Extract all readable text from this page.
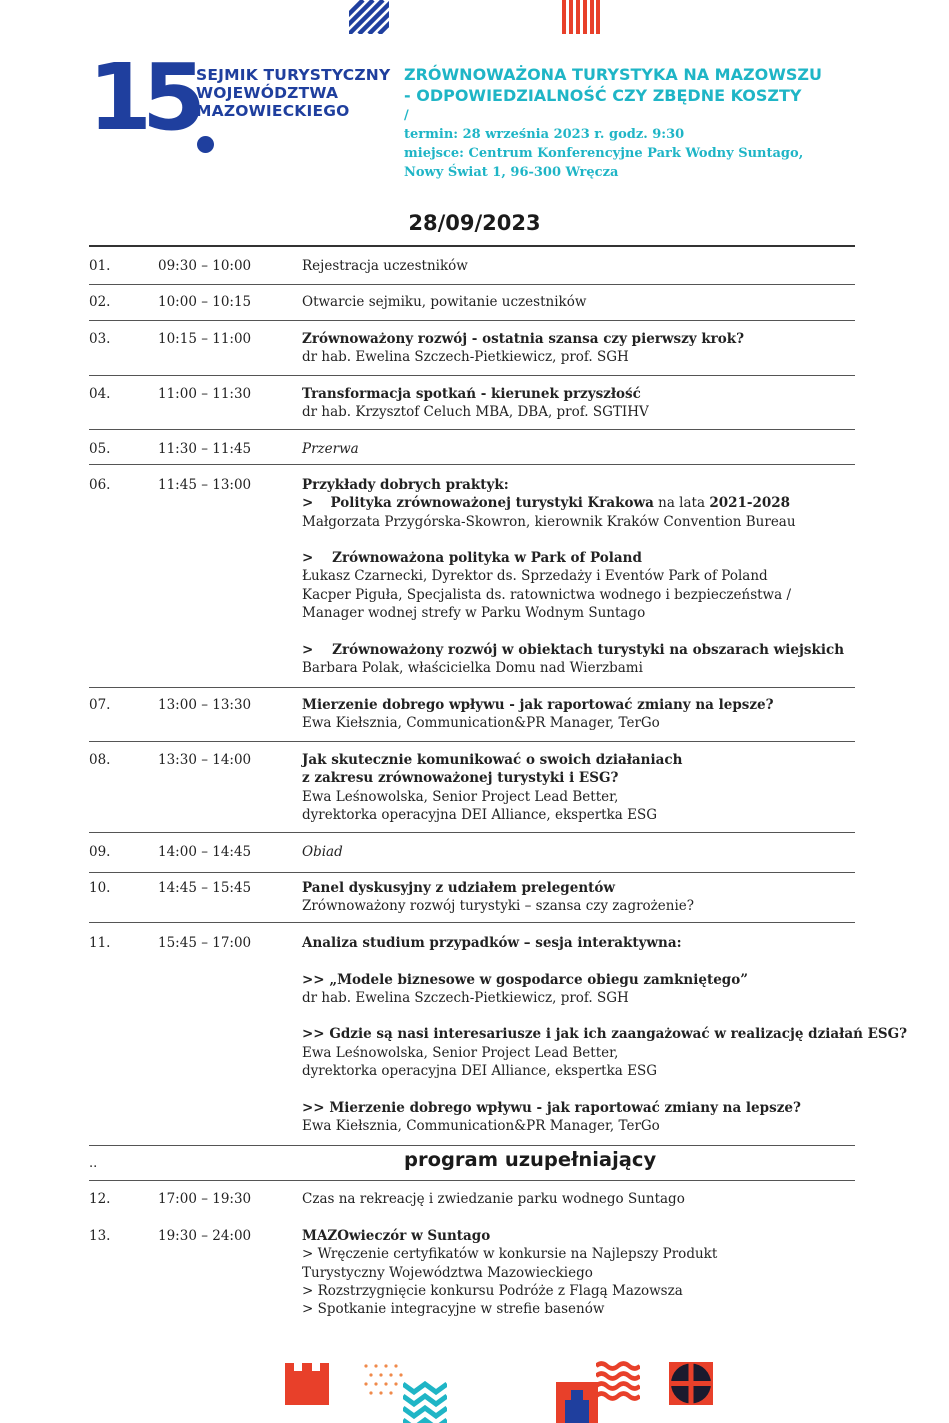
15 SEJMIK TURYSTYCZNY
WOJEWÓDZTWA
MAZOWIECKIEGO
ZRÓWNOWAŻONA TURYSTYKA NA MAZOWSZU
- ODPOWIEDZIALNOŚĆ CZY ZBĘDNE KOSZTY
/
termin: 28 września 2023 r. godz. 9:30
miejsce: Centrum Konferencyjne Park Wodny Suntago,
Nowy Świat 1, 96-300 Wręcza
28/09/2023
01.	09:30 – 10:00	Rejestracja uczestników
02.	10:00 – 10:15	Otwarcie sejmiku, powitanie uczestników
03.	10:15 – 11:00	Zrównoważony rozwój - ostatnia szansa czy pierwszy krok?
dr hab. Ewelina Szczech-Pietkiewicz, prof. SGH
04.	11:00 – 11:30	Transformacja spotkań - kierunek przyszłość
dr hab. Krzysztof Celuch MBA, DBA, prof. SGTIHV
05.	11:30 – 11:45	Przerwa
06.	11:45 – 13:00	Przykłady dobrych praktyk:
> Polityka zrównoważonej turystyki Krakowa na lata 2021-2028
Małgorzata Przygórska-Skowron, kierownik Kraków Convention Bureau
> Zrównoważona polityka w Park of Poland
Łukasz Czarnecki, Dyrektor ds. Sprzedaży i Eventów Park of Poland
Kacper Piguła, Specjalista ds. ratownictwa wodnego i bezpieczeństwa /
Manager wodnej strefy w Parku Wodnym Suntago
> Zrównoważony rozwój w obiektach turystyki na obszarach wiejskich
Barbara Polak, właścicielka Domu nad Wierzbami
07.	13:00 – 13:30	Mierzenie dobrego wpływu - jak raportować zmiany na lepsze?
Ewa Kiełsznia, Communication&PR Manager, TerGo
08.	13:30 – 14:00	Jak skutecznie komunikować o swoich działaniach
z zakresu zrównoważonej turystyki i ESG?
Ewa Leśnowolska, Senior Project Lead Better,
dyrektorka operacyjna DEI Alliance, ekspertka ESG
09.	14:00 – 14:45	Obiad
10.	14:45 – 15:45	Panel dyskusyjny z udziałem prelegentów
Zrównoważony rozwój turystyki – szansa czy zagrożenie?
11.	15:45 – 17:00	Analiza studium przypadków – sesja interaktywna:
>> „Modele biznesowe w gospodarce obiegu zamkniętego”
dr hab. Ewelina Szczech-Pietkiewicz, prof. SGH
>> Gdzie są nasi interesariusze i jak ich zaangażować w realizację działań ESG?
Ewa Leśnowolska, Senior Project Lead Better,
dyrektorka operacyjna DEI Alliance, ekspertka ESG
>> Mierzenie dobrego wpływu - jak raportować zmiany na lepsze?
Ewa Kiełsznia, Communication&PR Manager, TerGo
..	program uzupełniający
12.	17:00 – 19:30	Czas na rekreację i zwiedzanie parku wodnego Suntago
13.	19:30 – 24:00	MAZOwieczór w Suntago
> Wręczenie certyfikatów w konkursie na Najlepszy Produkt
Turystyczny Województwa Mazowieckiego
> Rozstrzygnięcie konkursu Podróże z Flagą Mazowsza
> Spotkanie integracyjne w strefie basenów
